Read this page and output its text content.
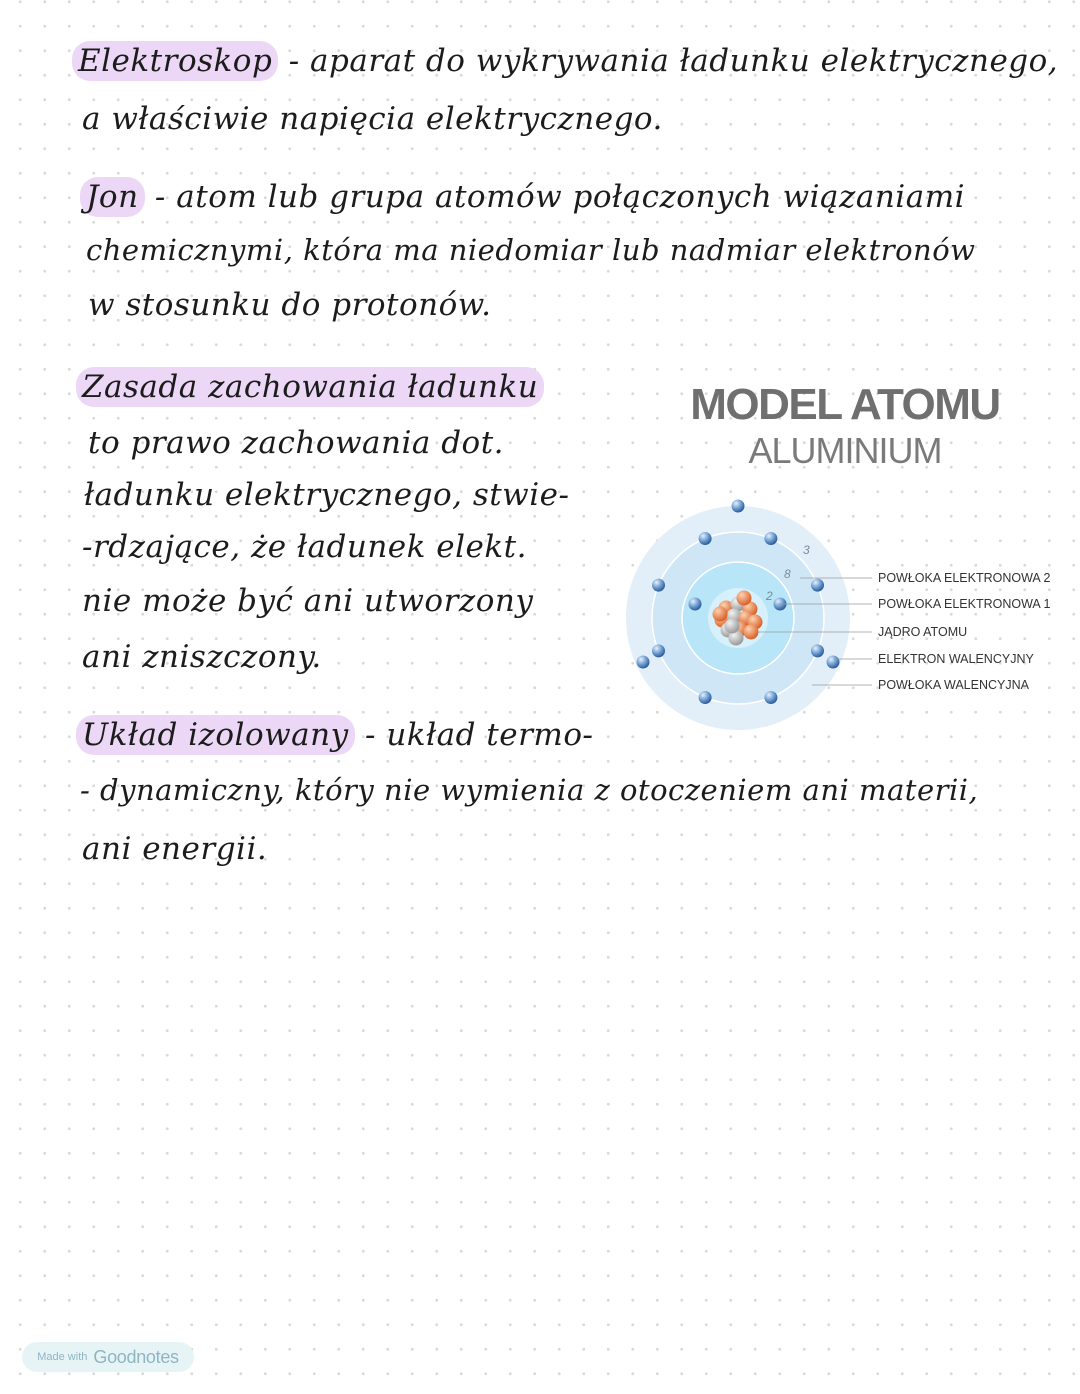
Elektroskop - aparat do wykrywania ładunku elektrycznego,
a właściwie napięcia elektrycznego.
Jon - atom lub grupa atomów połączonych wiązaniami
chemicznymi, która ma niedomiar lub nadmiar elektronów
w stosunku do protonów.
Zasada zachowania ładunku
to prawo zachowania dot.
ładunku elektrycznego, stwie-
-rdzające, że ładunek elekt.
nie może być ani utworzony
ani zniszczony.
Układ izolowany - układ termo-
- dynamiczny, który nie wymienia z otoczeniem ani materii,
ani energii.
MODEL ATOMU
ALUMINIUM
3
8
2
POWŁOKA ELEKTRONOWA 2
POWŁOKA ELEKTRONOWA 1
JĄDRO ATOMU
ELEKTRON WALENCYJNY
POWŁOKA WALENCYJNA
Made with Goodnotes
